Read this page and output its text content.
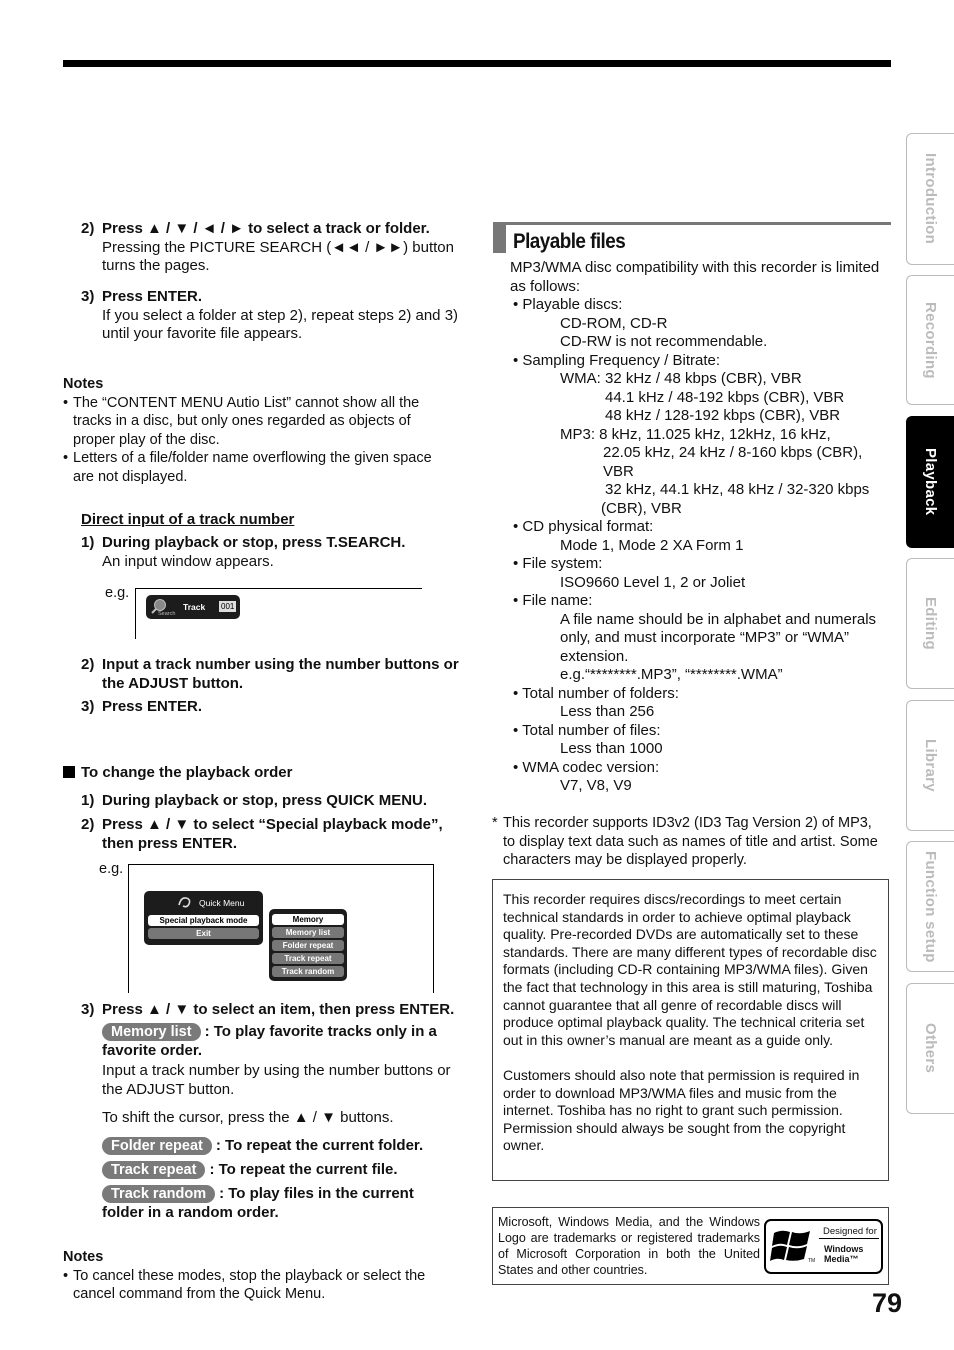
Introduction
Recording
Playback
Editing
Library
Function setup
Others
2) Press ▲ / ▼ / ◄ / ► to select a track or folder.
Pressing the PICTURE SEARCH (◄◄ / ►►) button turns the pages.
3) Press ENTER.
If you select a folder at step 2), repeat steps 2) and 3) until your favorite file appears.
Notes
• The “CONTENT MENU Autio List” cannot show all the tracks in a disc, but only ones regarded as objects of proper play of the disc.
• Letters of a file/folder name overflowing the given space are not displayed.
Direct input of a track number
1) During playback or stop, press T.SEARCH.
An input window appears.
e.g.
Search
Track 001
2) Input a track number using the number buttons or the ADJUST button.
3) Press ENTER.
To change the playback order
1) During playback or stop, press QUICK MENU.
2) Press ▲ / ▼ to select “Special playback mode”, then press ENTER.
e.g.
Quick Menu
Special playback mode
Exit
Memory
Memory list
Folder repeat
Track repeat
Track random
3) Press ▲ / ▼ to select an item, then press ENTER.
Memory list : To play favorite tracks only in a favorite order.
Input a track number by using the number buttons or the ADJUST button.
To shift the cursor, press the ▲ / ▼ buttons.
Folder repeat : To repeat the current folder.
Track repeat : To repeat the current file.
Track random : To play files in the current folder in a random order.
Notes
• To cancel these modes, stop the playback or select the cancel command from the Quick Menu.
Playable files
MP3/WMA disc compatibility with this recorder is limited as follows:
• Playable discs:
CD-ROM, CD-R
CD-RW is not recommendable.
• Sampling Frequency / Bitrate:
WMA: 32 kHz / 48 kbps (CBR), VBR
44.1 kHz / 48-192 kbps (CBR), VBR
48 kHz / 128-192 kbps (CBR), VBR
MP3: 8 kHz, 11.025 kHz, 12kHz, 16 kHz,
22.05 kHz, 24 kHz / 8-160 kbps (CBR), VBR
32 kHz, 44.1 kHz, 48 kHz / 32-320 kbps (CBR), VBR
• CD physical format:
Mode 1, Mode 2 XA Form 1
• File system:
ISO9660 Level 1, 2 or Joliet
• File name:
A file name should be in alphabet and numerals only, and must incorporate “MP3” or “WMA” extension.
e.g.“********.MP3”, “********.WMA”
• Total number of folders:
Less than 256
• Total number of files:
Less than 1000
• WMA codec version:
V7, V8, V9
* This recorder supports ID3v2 (ID3 Tag Version 2) of MP3, to display text data such as names of title and artist. Some characters may be displayed properly.
This recorder requires discs/recordings to meet certain technical standards in order to achieve optimal playback quality. Pre-recorded DVDs are automatically set to these standards. There are many different types of recordable disc formats (including CD-R containing MP3/WMA files). Given the fact that technology in this area is still maturing, Toshiba cannot guarantee that all genre of recordable discs will produce optimal playback quality. The technical criteria set out in this owner’s manual are meant as a guide only.
Customers should also note that permission is required in order to download MP3/WMA files and music from the internet. Toshiba has no right to grant such permission. Permission should always be sought from the copyright owner.
Microsoft, Windows Media, and the Windows Logo are trademarks or registered trademarks of Microsoft Corporation in both the United States and other countries.
TM
Designed for
Windows
Media™
79
